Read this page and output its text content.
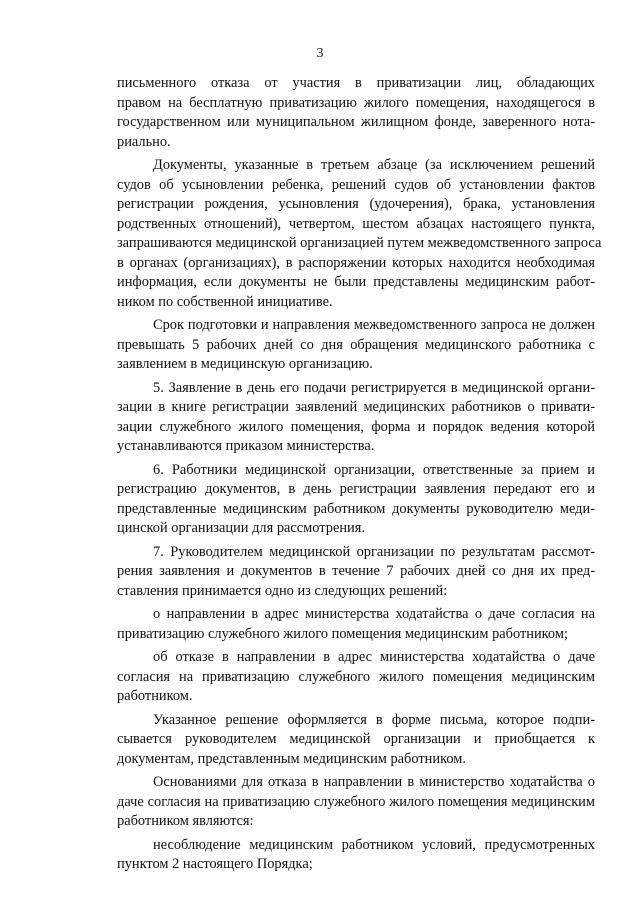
3
письменного отказа от участия в приватизации лиц, обладающих
правом на бесплатную приватизацию жилого помещения, находящегося в
государственном или муниципальном жилищном фонде, заверенного нота-
риально.
Документы, указанные в третьем абзаце (за исключением решений
судов об усыновлении ребенка, решений судов об установлении фактов
регистрации рождения, усыновления (удочерения), брака, установления
родственных отношений), четвертом, шестом абзацах настоящего пункта,
запрашиваются медицинской организацией путем межведомственного запроса
в органах (организациях), в распоряжении которых находится необходимая
информация, если документы не были представлены медицинским работ-
ником по собственной инициативе.
Срок подготовки и направления межведомственного запроса не должен
превышать 5 рабочих дней со дня обращения медицинского работника с
заявлением в медицинскую организацию.
5. Заявление в день его подачи регистрируется в медицинской органи-
зации в книге регистрации заявлений медицинских работников о привати-
зации служебного жилого помещения, форма и порядок ведения которой
устанавливаются приказом министерства.
6. Работники медицинской организации, ответственные за прием и
регистрацию документов, в день регистрации заявления передают его и
представленные медицинским работником документы руководителю меди-
цинской организации для рассмотрения.
7. Руководителем медицинской организации по результатам рассмот-
рения заявления и документов в течение 7 рабочих дней со дня их пред-
ставления принимается одно из следующих решений:
о направлении в адрес министерства ходатайства о даче согласия на
приватизацию служебного жилого помещения медицинским работником;
об отказе в направлении в адрес министерства ходатайства о даче
согласия на приватизацию служебного жилого помещения медицинским
работником.
Указанное решение оформляется в форме письма, которое подпи-
сывается руководителем медицинской организации и приобщается к
документам, представленным медицинским работником.
Основаниями для отказа в направлении в министерство ходатайства о
даче согласия на приватизацию служебного жилого помещения медицинским
работником являются:
несоблюдение медицинским работником условий, предусмотренных
пунктом 2 настоящего Порядка;
